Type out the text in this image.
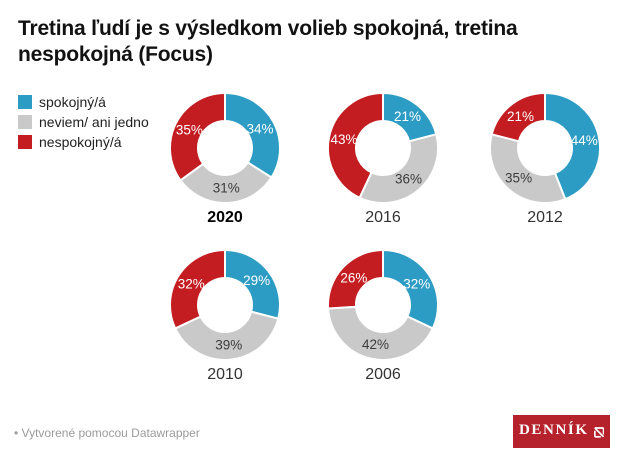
Tretina ľudí je s výsledkom volieb spokojná, tretina nespokojná (Focus)
spokojný/á
neviem/ ani jedno
nespokojný/á
34%
31%
35%
2020
21%
36%
43%
2016
44%
35%
21%
2012
29%
39%
32%
2010
32%
42%
26%
2006
• Vytvorené pomocou Datawrapper	DENNÍK
